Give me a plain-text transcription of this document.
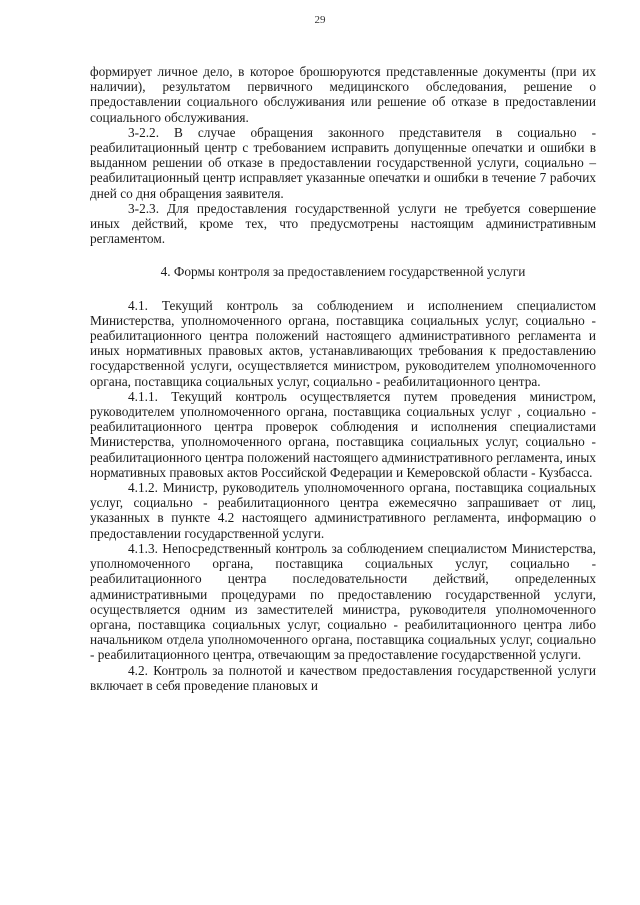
29

формирует личное дело, в которое брошюруются представленные документы (при их наличии), результатом первичного медицинского обследования, решение о предоставлении социального обслуживания или решение об отказе в предоставлении социального обслуживания.

3-2.2. В случае обращения законного представителя в социально - реабилитационный центр с требованием исправить допущенные опечатки и ошибки в выданном решении об отказе в предоставлении государственной услуги, социально – реабилитационный центр исправляет указанные опечатки и ошибки в течение 7 рабочих дней со дня обращения заявителя.

3-2.3. Для предоставления государственной услуги не требуется совершение иных действий, кроме тех, что предусмотрены настоящим административным регламентом.

4. Формы контроля за предоставлением государственной услуги

4.1. Текущий контроль за соблюдением и исполнением специалистом Министерства, уполномоченного органа, поставщика социальных услуг, социально - реабилитационного центра положений настоящего административного регламента и иных нормативных правовых актов, устанавливающих требования к предоставлению государственной услуги, осуществляется министром, руководителем уполномоченного органа, поставщика социальных услуг, социально - реабилитационного центра.

4.1.1. Текущий контроль осуществляется путем проведения министром, руководителем уполномоченного органа, поставщика социальных услуг , социально - реабилитационного центра проверок соблюдения и исполнения специалистами Министерства, уполномоченного органа, поставщика социальных услуг, социально - реабилитационного центра положений настоящего административного регламента, иных нормативных правовых актов Российской Федерации и Кемеровской области - Кузбасса.

4.1.2. Министр, руководитель уполномоченного органа, поставщика социальных услуг, социально - реабилитационного центра ежемесячно запрашивает от лиц, указанных в пункте 4.2 настоящего административного регламента, информацию о предоставлении государственной услуги.

4.1.3. Непосредственный контроль за соблюдением специалистом Министерства, уполномоченного органа, поставщика социальных услуг, социально - реабилитационного центра последовательности действий, определенных административными процедурами по предоставлению государственной услуги, осуществляется одним из заместителей министра, руководителя уполномоченного органа, поставщика социальных услуг, социально - реабилитационного центра либо начальником отдела уполномоченного органа, поставщика социальных услуг, социально - реабилитационного центра, отвечающим за предоставление государственной услуги.

4.2. Контроль за полнотой и качеством предоставления государственной услуги включает в себя проведение плановых и
